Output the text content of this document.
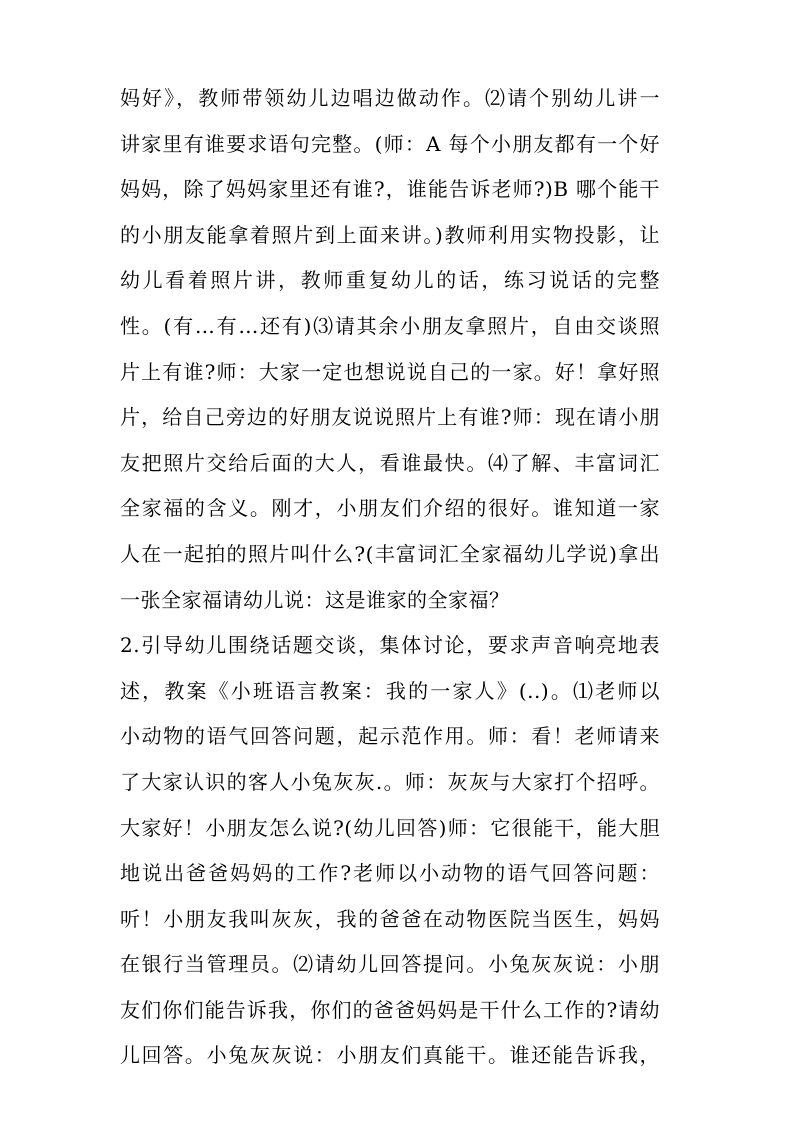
妈好》，教师带领幼儿边唱边做动作。⑵请个别幼儿讲一
讲家里有谁要求语句完整。(师：A 每个小朋友都有一个好
妈妈，除了妈妈家里还有谁?，谁能告诉老师?)B 哪个能干
的小朋友能拿着照片到上面来讲。)教师利用实物投影，让
幼儿看着照片讲，教师重复幼儿的话，练习说话的完整
性。(有…有…还有)⑶请其余小朋友拿照片，自由交谈照
片上有谁?师：大家一定也想说说自己的一家。好！拿好照
片，给自己旁边的好朋友说说照片上有谁?师：现在请小朋
友把照片交给后面的大人，看谁最快。⑷了解、丰富词汇
全家福的含义。刚才，小朋友们介绍的很好。谁知道一家
人在一起拍的照片叫什么?(丰富词汇全家福幼儿学说)拿出
一张全家福请幼儿说：这是谁家的全家福？
2.引导幼儿围绕话题交谈，集体讨论，要求声音响亮地表
述，教案《小班语言教案：我的一家人》(..)。⑴老师以
小动物的语气回答问题，起示范作用。师：看！老师请来
了大家认识的客人小兔灰灰.。师：灰灰与大家打个招呼。
大家好！小朋友怎么说?(幼儿回答)师：它很能干，能大胆
地说出爸爸妈妈的工作?老师以小动物的语气回答问题：
听！小朋友我叫灰灰，我的爸爸在动物医院当医生，妈妈
在银行当管理员。⑵请幼儿回答提问。小兔灰灰说：小朋
友们你们能告诉我，你们的爸爸妈妈是干什么工作的?请幼
儿回答。小兔灰灰说：小朋友们真能干。谁还能告诉我，
